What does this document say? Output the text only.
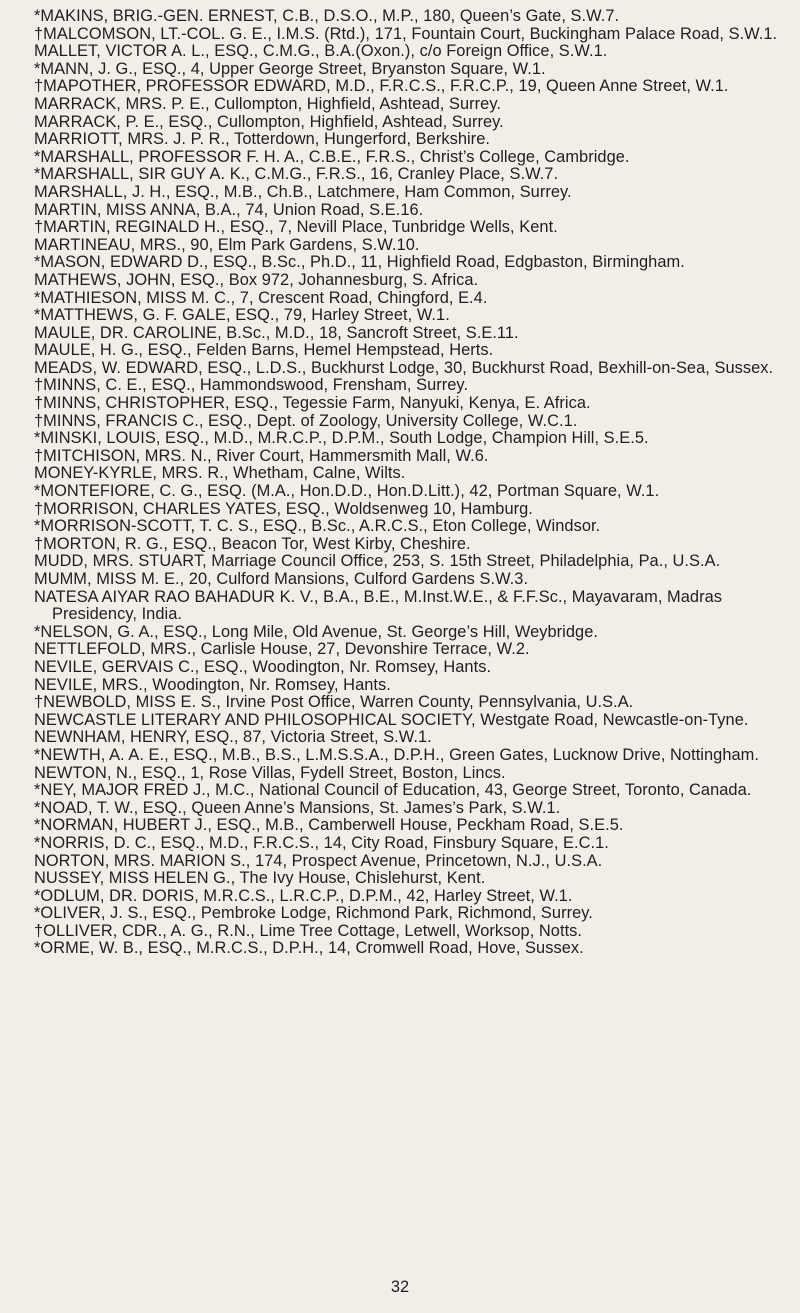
*MAKINS, BRIG.-GEN. ERNEST, C.B., D.S.O., M.P., 180, Queen’s Gate, S.W.7.
†MALCOMSON, LT.-COL. G. E., I.M.S. (Rtd.), 171, Fountain Court, Buckingham Palace Road, S.W.1.
MALLET, VICTOR A. L., ESQ., C.M.G., B.A.(Oxon.), c/o Foreign Office, S.W.1.
*MANN, J. G., ESQ., 4, Upper George Street, Bryanston Square, W.1.
†MAPOTHER, PROFESSOR EDWARD, M.D., F.R.C.S., F.R.C.P., 19, Queen Anne Street, W.1.
MARRACK, MRS. P. E., Cullompton, Highfield, Ashtead, Surrey.
MARRACK, P. E., ESQ., Cullompton, Highfield, Ashtead, Surrey.
MARRIOTT, MRS. J. P. R., Totterdown, Hungerford, Berkshire.
*MARSHALL, PROFESSOR F. H. A., C.B.E., F.R.S., Christ’s College, Cambridge.
*MARSHALL, SIR GUY A. K., C.M.G., F.R.S., 16, Cranley Place, S.W.7.
MARSHALL, J. H., ESQ., M.B., Ch.B., Latchmere, Ham Common, Surrey.
MARTIN, MISS ANNA, B.A., 74, Union Road, S.E.16.
†MARTIN, REGINALD H., ESQ., 7, Nevill Place, Tunbridge Wells, Kent.
MARTINEAU, MRS., 90, Elm Park Gardens, S.W.10.
*MASON, EDWARD D., ESQ., B.Sc., Ph.D., 11, Highfield Road, Edgbaston, Birmingham.
MATHEWS, JOHN, ESQ., Box 972, Johannesburg, S. Africa.
*MATHIESON, MISS M. C., 7, Crescent Road, Chingford, E.4.
*MATTHEWS, G. F. GALE, ESQ., 79, Harley Street, W.1.
MAULE, DR. CAROLINE, B.Sc., M.D., 18, Sancroft Street, S.E.11.
MAULE, H. G., ESQ., Felden Barns, Hemel Hempstead, Herts.
MEADS, W. EDWARD, ESQ., L.D.S., Buckhurst Lodge, 30, Buckhurst Road, Bexhill-on-Sea, Sussex.
†MINNS, C. E., ESQ., Hammondswood, Frensham, Surrey.
†MINNS, CHRISTOPHER, ESQ., Tegessie Farm, Nanyuki, Kenya, E. Africa.
†MINNS, FRANCIS C., ESQ., Dept. of Zoology, University College, W.C.1.
*MINSKI, LOUIS, ESQ., M.D., M.R.C.P., D.P.M., South Lodge, Champion Hill, S.E.5.
†MITCHISON, MRS. N., River Court, Hammersmith Mall, W.6.
MONEY-KYRLE, MRS. R., Whetham, Calne, Wilts.
*MONTEFIORE, C. G., ESQ. (M.A., Hon.D.D., Hon.D.Litt.), 42, Portman Square, W.1.
†MORRISON, CHARLES YATES, ESQ., Woldsenweg 10, Hamburg.
*MORRISON-SCOTT, T. C. S., ESQ., B.Sc., A.R.C.S., Eton College, Windsor.
†MORTON, R. G., ESQ., Beacon Tor, West Kirby, Cheshire.
MUDD, MRS. STUART, Marriage Council Office, 253, S. 15th Street, Philadelphia, Pa., U.S.A.
MUMM, MISS M. E., 20, Culford Mansions, Culford Gardens S.W.3.
NATESA AIYAR RAO BAHADUR K. V., B.A., B.E., M.Inst.W.E., & F.F.Sc., Mayavaram, Madras Presidency, India.
*NELSON, G. A., ESQ., Long Mile, Old Avenue, St. George’s Hill, Weybridge.
NETTLEFOLD, MRS., Carlisle House, 27, Devonshire Terrace, W.2.
NEVILE, GERVAIS C., ESQ., Woodington, Nr. Romsey, Hants.
NEVILE, MRS., Woodington, Nr. Romsey, Hants.
†NEWBOLD, MISS E. S., Irvine Post Office, Warren County, Pennsylvania, U.S.A.
NEWCASTLE LITERARY AND PHILOSOPHICAL SOCIETY, Westgate Road, Newcastle-on-Tyne.
NEWNHAM, HENRY, ESQ., 87, Victoria Street, S.W.1.
*NEWTH, A. A. E., ESQ., M.B., B.S., L.M.S.S.A., D.P.H., Green Gates, Lucknow Drive, Nottingham.
NEWTON, N., ESQ., 1, Rose Villas, Fydell Street, Boston, Lincs.
*NEY, MAJOR FRED J., M.C., National Council of Education, 43, George Street, Toronto, Canada.
*NOAD, T. W., ESQ., Queen Anne’s Mansions, St. James’s Park, S.W.1.
*NORMAN, HUBERT J., ESQ., M.B., Camberwell House, Peckham Road, S.E.5.
*NORRIS, D. C., ESQ., M.D., F.R.C.S., 14, City Road, Finsbury Square, E.C.1.
NORTON, MRS. MARION S., 174, Prospect Avenue, Princetown, N.J., U.S.A.
NUSSEY, MISS HELEN G., The Ivy House, Chislehurst, Kent.
*ODLUM, DR. DORIS, M.R.C.S., L.R.C.P., D.P.M., 42, Harley Street, W.1.
*OLIVER, J. S., ESQ., Pembroke Lodge, Richmond Park, Richmond, Surrey.
†OLLIVER, CDR., A. G., R.N., Lime Tree Cottage, Letwell, Worksop, Notts.
*ORME, W. B., ESQ., M.R.C.S., D.P.H., 14, Cromwell Road, Hove, Sussex.
32
